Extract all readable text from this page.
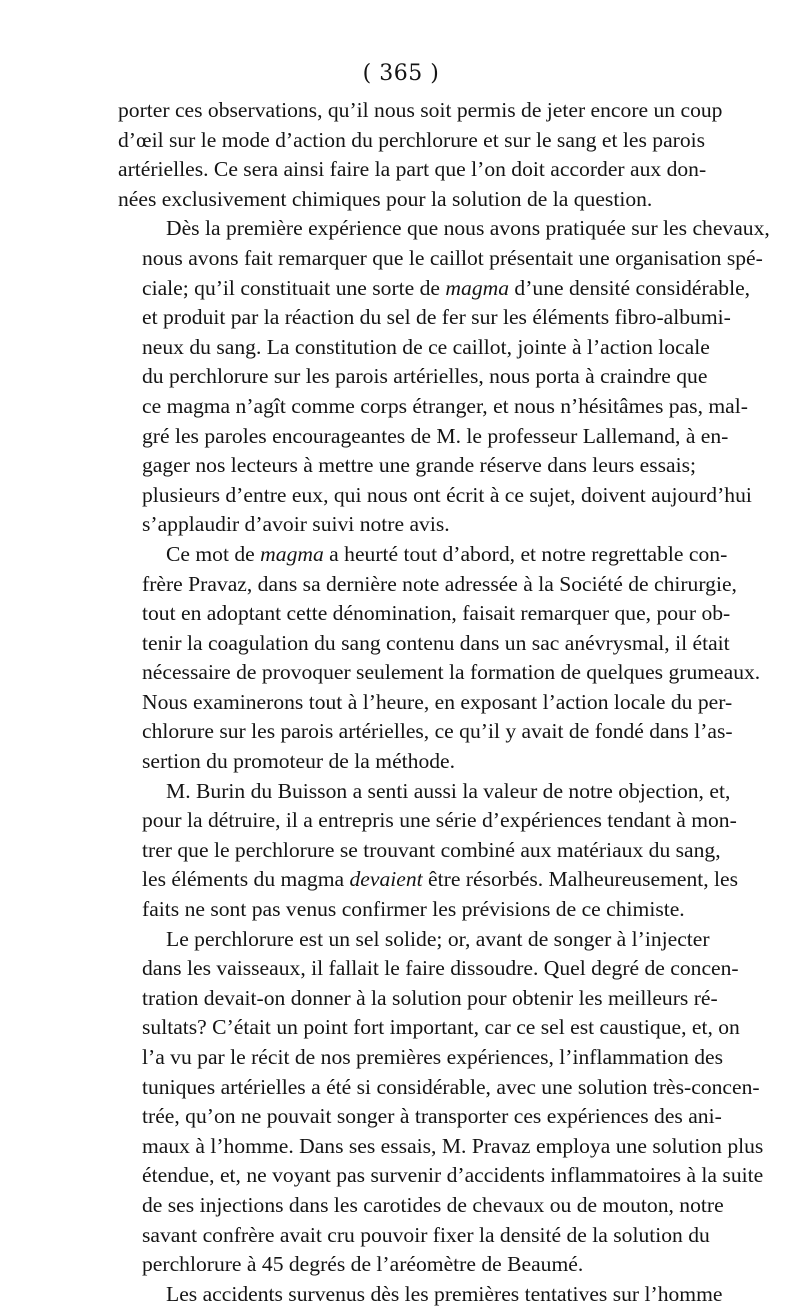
( 365 )

porter ces observations, qu’il nous soit permis de jeter encore un coup
d’œil sur le mode d’action du perchlorure et sur le sang et les parois
artérielles. Ce sera ainsi faire la part que l’on doit accorder aux don-
nées exclusivement chimiques pour la solution de la question.

Dès la première expérience que nous avons pratiquée sur les chevaux,
nous avons fait remarquer que le caillot présentait une organisation spé-
ciale; qu’il constituait une sorte de magma d’une densité considérable,
et produit par la réaction du sel de fer sur les éléments fibro-albumi-
neux du sang. La constitution de ce caillot, jointe à l’action locale
du perchlorure sur les parois artérielles, nous porta à craindre que
ce magma n’agît comme corps étranger, et nous n’hésitâmes pas, mal-
gré les paroles encourageantes de M. le professeur Lallemand, à en-
gager nos lecteurs à mettre une grande réserve dans leurs essais;
plusieurs d’entre eux, qui nous ont écrit à ce sujet, doivent aujourd’hui
s’applaudir d’avoir suivi notre avis.

Ce mot de magma a heurté tout d’abord, et notre regrettable con-
frère Pravaz, dans sa dernière note adressée à la Société de chirurgie,
tout en adoptant cette dénomination, faisait remarquer que, pour ob-
tenir la coagulation du sang contenu dans un sac anévrysmal, il était
nécessaire de provoquer seulement la formation de quelques grumeaux.
Nous examinerons tout à l’heure, en exposant l’action locale du per-
chlorure sur les parois artérielles, ce qu’il y avait de fondé dans l’as-
sertion du promoteur de la méthode.

M. Burin du Buisson a senti aussi la valeur de notre objection, et,
pour la détruire, il a entrepris une série d’expériences tendant à mon-
trer que le perchlorure se trouvant combiné aux matériaux du sang,
les éléments du magma devaient être résorbés. Malheureusement, les
faits ne sont pas venus confirmer les prévisions de ce chimiste.

Le perchlorure est un sel solide; or, avant de songer à l’injecter
dans les vaisseaux, il fallait le faire dissoudre. Quel degré de concen-
tration devait-on donner à la solution pour obtenir les meilleurs ré-
sultats? C’était un point fort important, car ce sel est caustique, et, on
l’a vu par le récit de nos premières expériences, l’inflammation des
tuniques artérielles a été si considérable, avec une solution très-concen-
trée, qu’on ne pouvait songer à transporter ces expériences des ani-
maux à l’homme. Dans ses essais, M. Pravaz employa une solution plus
étendue, et, ne voyant pas survenir d’accidents inflammatoires à la suite
de ses injections dans les carotides de chevaux ou de mouton, notre
savant confrère avait cru pouvoir fixer la densité de la solution du
perchlorure à 45 degrés de l’aréomètre de Beaumé.

Les accidents survenus dès les premières tentatives sur l’homme
